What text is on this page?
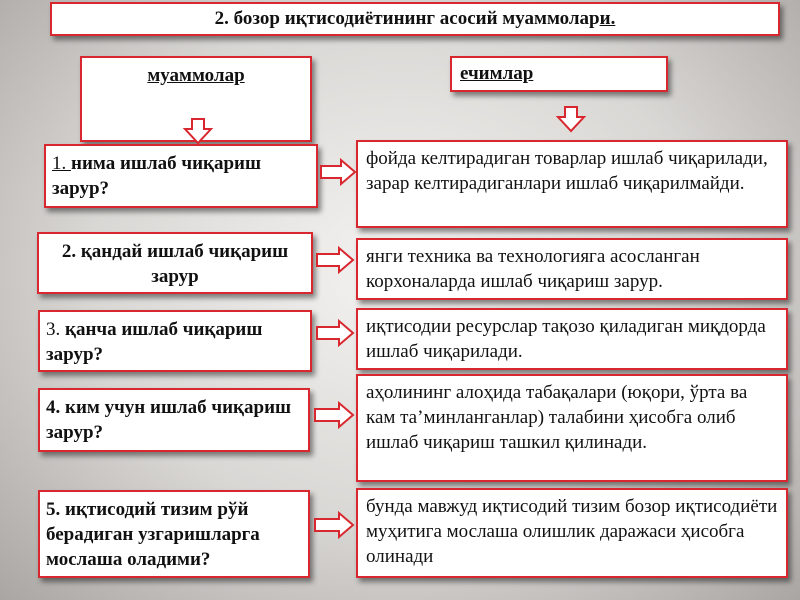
2. бозор иқтисодиётининг асосий муаммолари.
муаммолар	ечимлар
1. нима ишлаб чиқариш зарур?
фойда келтирадиган товарлар ишлаб чиқарилади, зарар келтирадиганлари ишлаб чиқарилмайди.
2. қандай ишлаб чиқариш зарур
янги техника ва технологияга асосланган корхоналарда ишлаб чиқариш зарур.
3. қанча ишлаб чиқариш зарур?
иқтисодии ресурслар тақозо қиладиган миқдорда ишлаб чиқарилади.
4. ким учун ишлаб чиқариш зарур?
аҳолининг алоҳида табақалари (юқори, ўрта ва кам та’минланганлар) талабини ҳисобга олиб ишлаб чиқариш ташкил қилинади.
5. иқтисодий тизим рўй берадиган узгаришларга мослаша оладими?
бунда мавжуд иқтисодий тизим бозор иқтисодиёти муҳитига мослаша олишлик даражаси ҳисобга олинади
